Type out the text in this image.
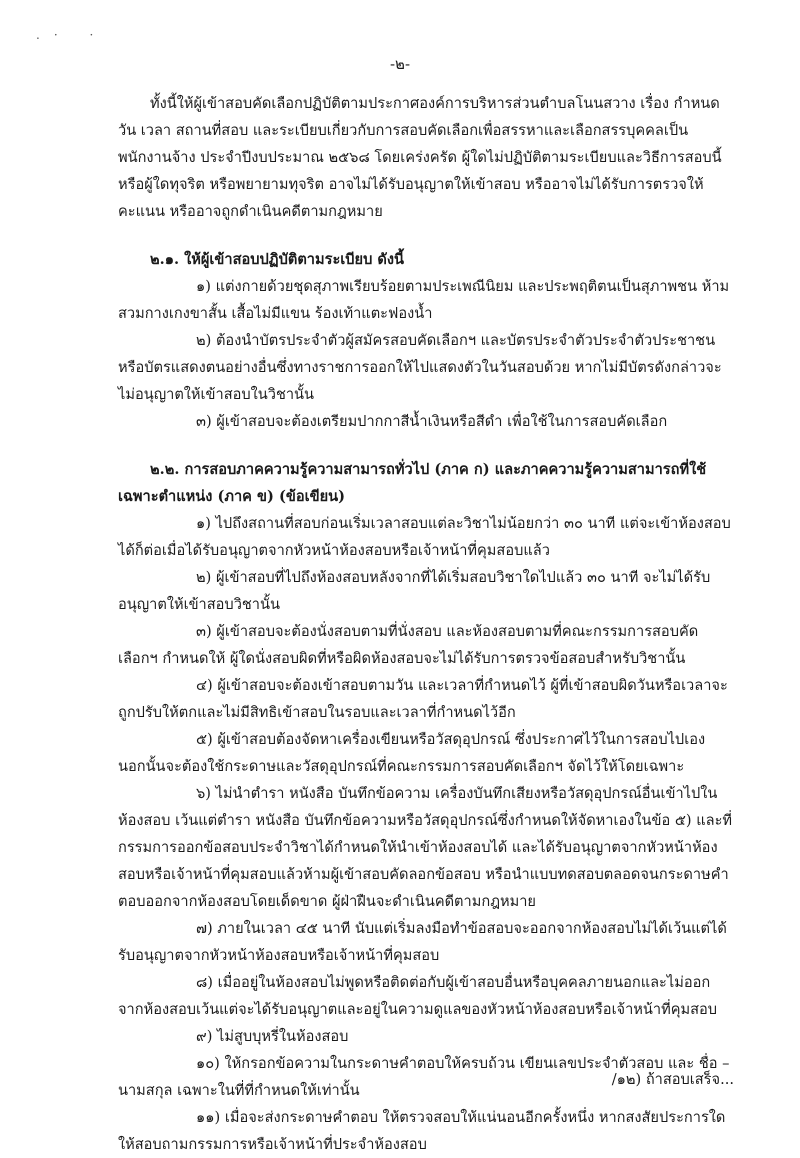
.· ·
-๒-

ทั้งนี้ให้ผู้เข้าสอบคัดเลือกปฏิบัติตามประกาศองค์การบริหารส่วนตำบลโนนสวาง เรื่อง กำหนดวัน เวลา สถานที่สอบ และระเบียบเกี่ยวกับการสอบคัดเลือกเพื่อสรรหาและเลือกสรรบุคคลเป็นพนักงานจ้าง ประจำปีงบประมาณ ๒๕๖๘ โดยเคร่งครัด ผู้ใดไม่ปฏิบัติตามระเบียบและวิธีการสอบนี้ หรือผู้ใดทุจริต หรือพยายามทุจริต อาจไม่ได้รับอนุญาตให้เข้าสอบ หรืออาจไม่ได้รับการตรวจให้คะแนน หรืออาจถูกดำเนินคดีตามกฎหมาย

๒.๑. ให้ผู้เข้าสอบปฏิบัติตามระเบียบ ดังนี้

๑) แต่งกายด้วยชุดสุภาพเรียบร้อยตามประเพณีนิยม และประพฤติตนเป็นสุภาพชน ห้ามสวมกางเกงขาสั้น เสื้อไม่มีแขน ร้องเท้าแตะฟองน้ำ

๒) ต้องนำบัตรประจำตัวผู้สมัครสอบคัดเลือกฯ และบัตรประจำตัวประจำตัวประชาชน หรือบัตรแสดงตนอย่างอื่นซึ่งทางราชการออกให้ไปแสดงตัวในวันสอบด้วย หากไม่มีบัตรดังกล่าวจะไม่อนุญาตให้เข้าสอบในวิชานั้น

๓) ผู้เข้าสอบจะต้องเตรียมปากกาสีน้ำเงินหรือสีดำ เพื่อใช้ในการสอบคัดเลือก

๒.๒. การสอบภาคความรู้ความสามารถทั่วไป (ภาค ก) และภาคความรู้ความสามารถที่ใช้เฉพาะตำแหน่ง (ภาค ข) (ข้อเขียน)

๑) ไปถึงสถานที่สอบก่อนเริ่มเวลาสอบแต่ละวิชาไม่น้อยกว่า ๓๐ นาที แต่จะเข้าห้องสอบได้ก็ต่อเมื่อได้รับอนุญาตจากหัวหน้าห้องสอบหรือเจ้าหน้าที่คุมสอบแล้ว

๒) ผู้เข้าสอบที่ไปถึงห้องสอบหลังจากที่ได้เริ่มสอบวิชาใดไปแล้ว ๓๐ นาที จะไม่ได้รับอนุญาตให้เข้าสอบวิชานั้น

๓) ผู้เข้าสอบจะต้องนั่งสอบตามที่นั่งสอบ และห้องสอบตามที่คณะกรรมการสอบคัดเลือกฯ กำหนดให้ ผู้ใดนั่งสอบผิดที่หรือผิดห้องสอบจะไม่ได้รับการตรวจข้อสอบสำหรับวิชานั้น

๔) ผู้เข้าสอบจะต้องเข้าสอบตามวัน และเวลาที่กำหนดไว้ ผู้ที่เข้าสอบผิดวันหรือเวลาจะถูกปรับให้ตกและไม่มีสิทธิเข้าสอบในรอบและเวลาที่กำหนดไว้อีก

๕) ผู้เข้าสอบต้องจัดหาเครื่องเขียนหรือวัสดุอุปกรณ์ ซึ่งประกาศไว้ในการสอบไปเอง นอกนั้นจะต้องใช้กระดาษและวัสดุอุปกรณ์ที่คณะกรรมการสอบคัดเลือกฯ จัดไว้ให้โดยเฉพาะ

๖) ไม่นำตำรา หนังสือ บันทึกข้อความ เครื่องบันทึกเสียงหรือวัสดุอุปกรณ์อื่นเข้าไปในห้องสอบ เว้นแต่ตำรา หนังสือ บันทึกข้อความหรือวัสดุอุปกรณ์ซึ่งกำหนดให้จัดหาเองในข้อ ๕) และที่กรรมการออกข้อสอบประจำวิชาได้กำหนดให้นำเข้าห้องสอบได้ และได้รับอนุญาตจากหัวหน้าห้องสอบหรือเจ้าหน้าที่คุมสอบแล้วห้ามผู้เข้าสอบคัดลอกข้อสอบ หรือนำแบบทดสอบตลอดจนกระดาษคำตอบออกจากห้องสอบโดยเด็ดขาด ผู้ฝ่าฝืนจะดำเนินคดีตามกฎหมาย

๗) ภายในเวลา ๔๕ นาที นับแต่เริ่มลงมือทำข้อสอบจะออกจากห้องสอบไม่ได้เว้นแต่ได้รับอนุญาตจากหัวหน้าห้องสอบหรือเจ้าหน้าที่คุมสอบ

๘) เมื่ออยู่ในห้องสอบไม่พูดหรือติดต่อกับผู้เข้าสอบอื่นหรือบุคคลภายนอกและไม่ออกจากห้องสอบเว้นแต่จะได้รับอนุญาตและอยู่ในความดูแลของหัวหน้าห้องสอบหรือเจ้าหน้าที่คุมสอบ

๙) ไม่สูบบุหรี่ในห้องสอบ

๑๐) ให้กรอกข้อความในกระดาษคำตอบให้ครบถ้วน เขียนเลขประจำตัวสอบ และ ชื่อ – นามสกุล เฉพาะในที่ที่กำหนดให้เท่านั้น

๑๑) เมื่อจะส่งกระดาษคำตอบ ให้ตรวจสอบให้แน่นอนอีกครั้งหนึ่ง หากสงสัยประการใด ให้สอบถามกรรมการหรือเจ้าหน้าที่ประจำห้องสอบ

/๑๒) ถ้าสอบเสร็จ...
